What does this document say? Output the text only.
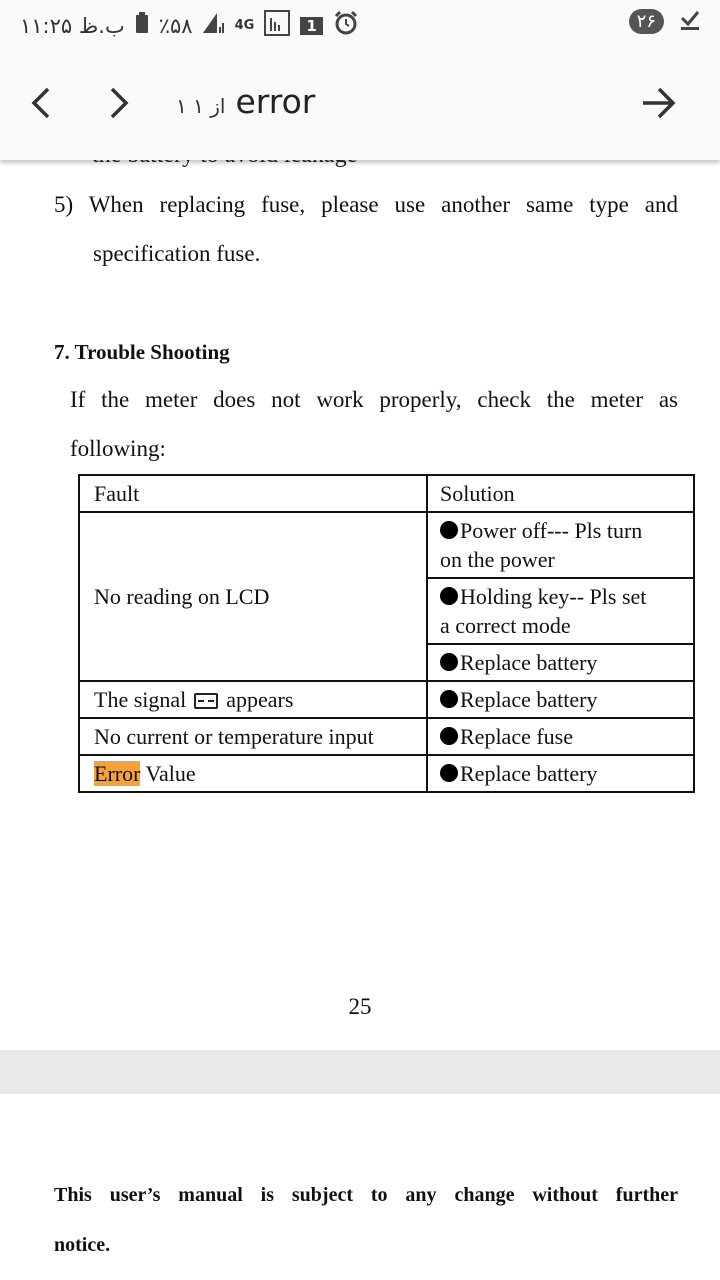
۱۱:۲۵ ب.ظ ٪۵۸	4G	1	۲۶
۱ از ۱ error
5) When replacing fuse, please use another same type and
specification fuse.
7. Trouble Shooting
If the meter does not work properly, check the meter as
following:
Fault	Solution
No reading on LCD	Power off--- Pls turn
on the power
	Holding key-- Pls set
a correct mode
	Replace battery
The signal appears	Replace battery
No current or temperature input	Replace fuse
Error Value	Replace battery
25
This user’s manual is subject to any change without further
notice.
